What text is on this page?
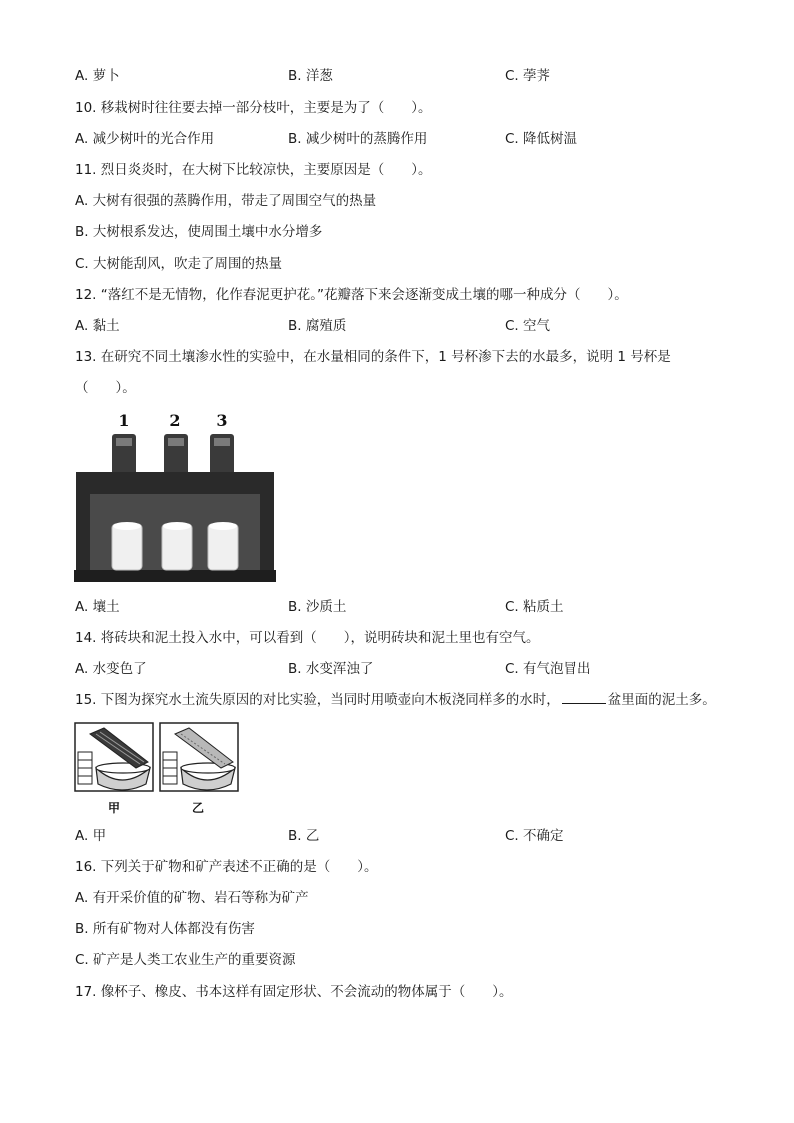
A. 萝卜	B. 洋葱	C. 荸荠
10. 移栽树时往往要去掉一部分枝叶，主要是为了（　　）。
A. 减少树叶的光合作用	B. 减少树叶的蒸腾作用	C. 降低树温
11. 烈日炎炎时，在大树下比较凉快，主要原因是（　　）。
A. 大树有很强的蒸腾作用，带走了周围空气的热量
B. 大树根系发达，使周围土壤中水分增多
C. 大树能刮风，吹走了周围的热量
12. “落红不是无情物，化作春泥更护花。”花瓣落下来会逐渐变成土壤的哪一种成分（　　）。
A. 黏土	B. 腐殖质	C. 空气
13. 在研究不同土壤渗水性的实验中，在水量相同的条件下，1 号杯渗下去的水最多，说明 1 号杯是
（　　）。
1 2 3
A. 壤土	B. 沙质土	C. 粘质土
14. 将砖块和泥土投入水中，可以看到（　　），说明砖块和泥土里也有空气。
A. 水变色了	B. 水变浑浊了	C. 有气泡冒出
15. 下图为探究水土流失原因的对比实验，当同时用喷壶向木板浇同样多的水时，	盆里面的泥土多。
甲	乙
A. 甲	B. 乙	C. 不确定
16. 下列关于矿物和矿产表述不正确的是（　　）。
A. 有开采价值的矿物、岩石等称为矿产
B. 所有矿物对人体都没有伤害
C. 矿产是人类工农业生产的重要资源
17. 像杯子、橡皮、书本这样有固定形状、不会流动的物体属于（　　）。
